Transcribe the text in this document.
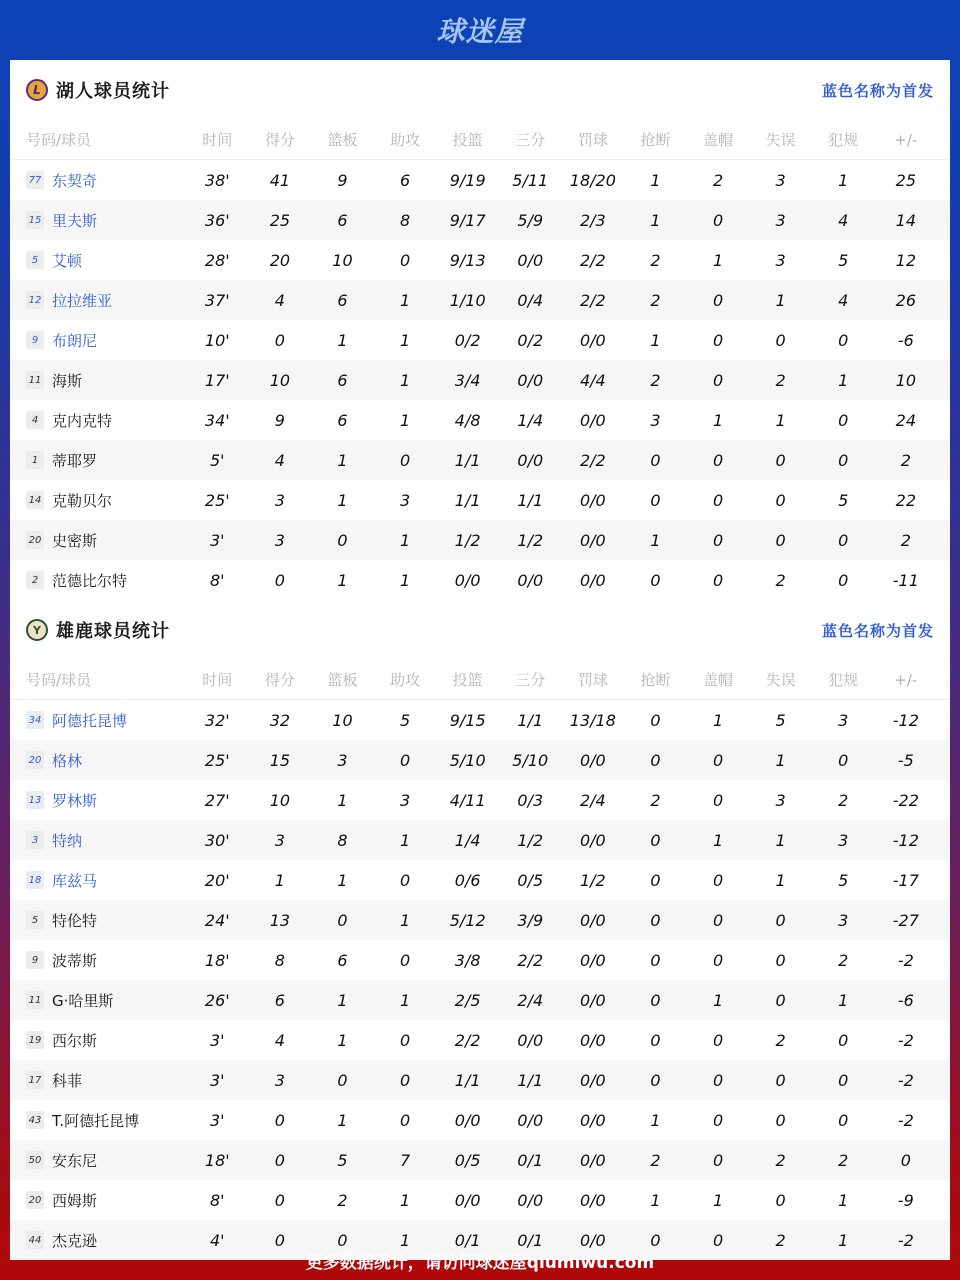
球迷屋
L 湖人球员统计	蓝色名称为首发
号码/球员	时间	得分	篮板	助攻	投篮	三分	罚球	抢断	盖帽	失误	犯规	+/-
77 东契奇	38'	41	9	6	9/19	5/11	18/20	1	2	3	1	25
15 里夫斯	36'	25	6	8	9/17	5/9	2/3	1	0	3	4	14
5 艾顿	28'	20	10	0	9/13	0/0	2/2	2	1	3	5	12
12 拉拉维亚	37'	4	6	1	1/10	0/4	2/2	2	0	1	4	26
9 布朗尼	10'	0	1	1	0/2	0/2	0/0	1	0	0	0	-6
11 海斯	17'	10	6	1	3/4	0/0	4/4	2	0	2	1	10
4 克内克特	34'	9	6	1	4/8	1/4	0/0	3	1	1	0	24
1 蒂耶罗	5'	4	1	0	1/1	0/0	2/2	0	0	0	0	2
14 克勒贝尔	25'	3	1	3	1/1	1/1	0/0	0	0	0	5	22
20 史密斯	3'	3	0	1	1/2	1/2	0/0	1	0	0	0	2
2 范德比尔特	8'	0	1	1	0/0	0/0	0/0	0	0	2	0	-11
Y 雄鹿球员统计	蓝色名称为首发
号码/球员	时间	得分	篮板	助攻	投篮	三分	罚球	抢断	盖帽	失误	犯规	+/-
34 阿德托昆博	32'	32	10	5	9/15	1/1	13/18	0	1	5	3	-12
20 格林	25'	15	3	0	5/10	5/10	0/0	0	0	1	0	-5
13 罗林斯	27'	10	1	3	4/11	0/3	2/4	2	0	3	2	-22
3 特纳	30'	3	8	1	1/4	1/2	0/0	0	1	1	3	-12
18 库兹马	20'	1	1	0	0/6	0/5	1/2	0	0	1	5	-17
5 特伦特	24'	13	0	1	5/12	3/9	0/0	0	0	0	3	-27
9 波蒂斯	18'	8	6	0	3/8	2/2	0/0	0	0	0	2	-2
11 G·哈里斯	26'	6	1	1	2/5	2/4	0/0	0	1	0	1	-6
19 西尔斯	3'	4	1	0	2/2	0/0	0/0	0	0	2	0	-2
17 科菲	3'	3	0	0	1/1	1/1	0/0	0	0	0	0	-2
43 T.阿德托昆博	3'	0	1	0	0/0	0/0	0/0	1	0	0	0	-2
50 安东尼	18'	0	5	7	0/5	0/1	0/0	2	0	2	2	0
20 西姆斯	8'	0	2	1	0/0	0/0	0/0	1	1	0	1	-9
44 杰克逊	4'	0	0	1	0/1	0/1	0/0	0	0	2	1	-2
更多数据统计，请访问球迷屋qiumiwu.com
